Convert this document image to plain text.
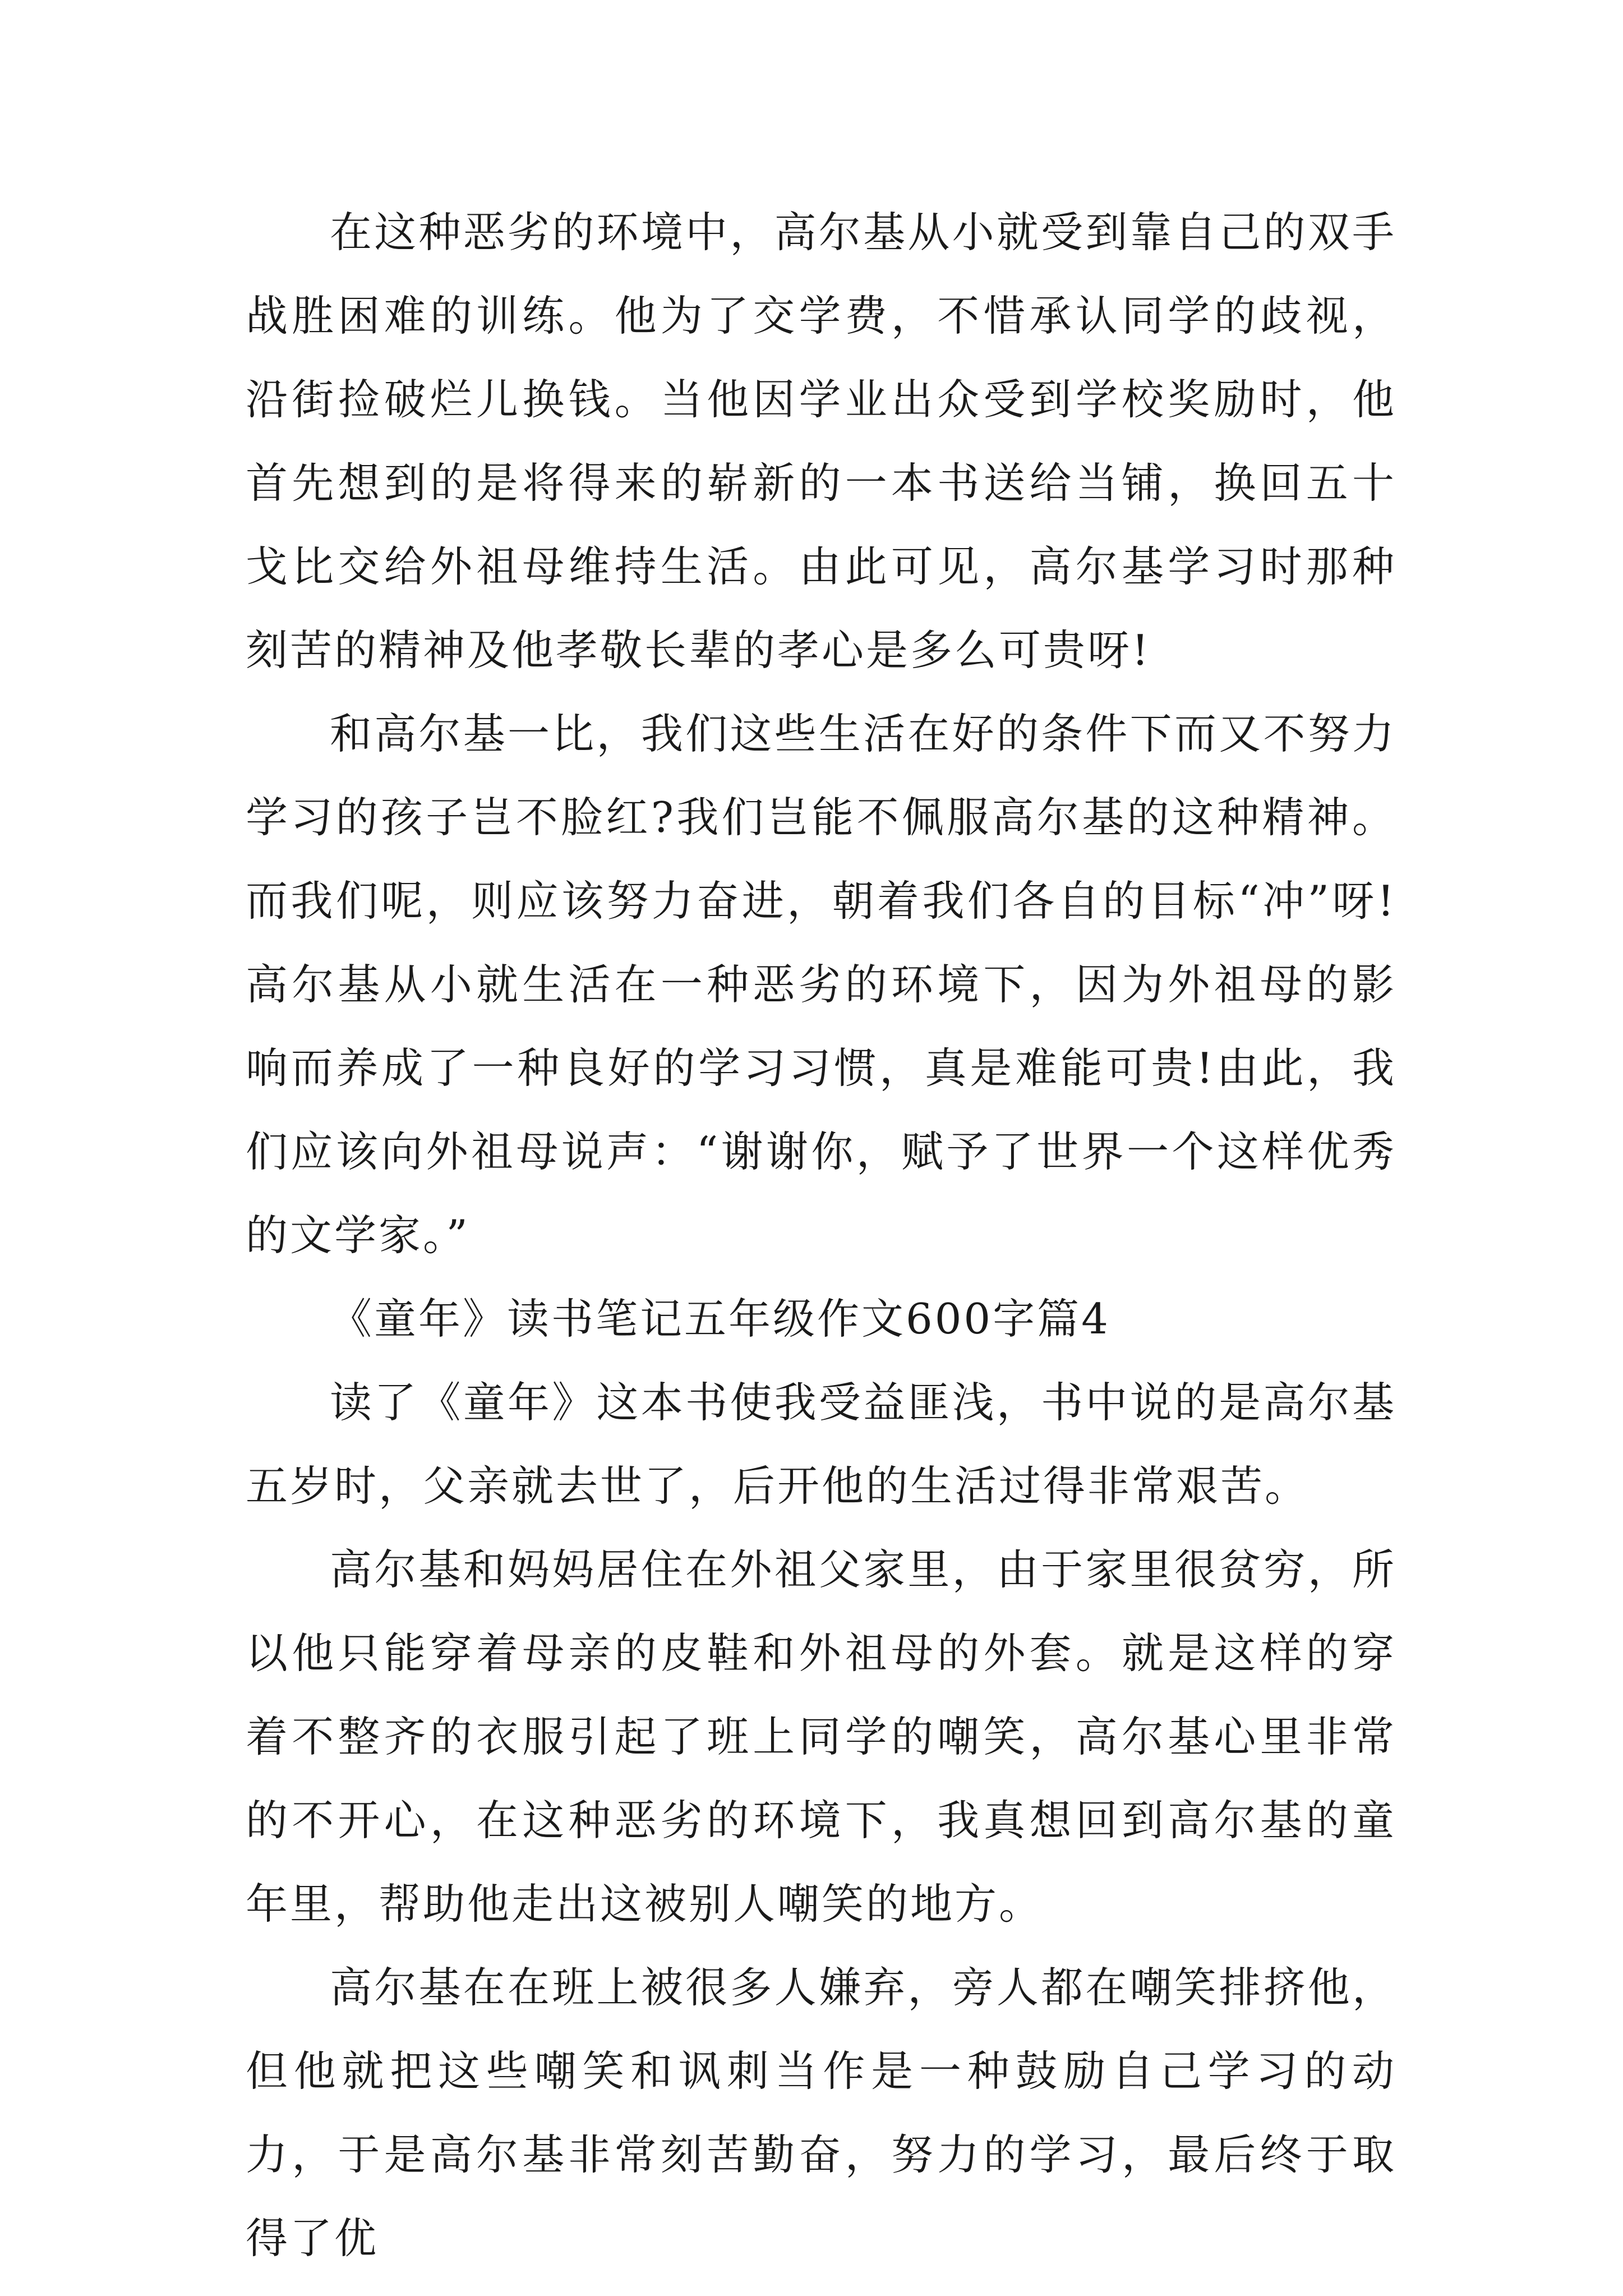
在这种恶劣的环境中，高尔基从小就受到靠自己的双手战胜困难的训练。他为了交学费，不惜承认同学的歧视，沿街捡破烂儿换钱。当他因学业出众受到学校奖励时，他首先想到的是将得来的崭新的一本书送给当铺，换回五十戈比交给外祖母维持生活。由此可见，高尔基学习时那种刻苦的精神及他孝敬长辈的孝心是多么可贵呀!

和高尔基一比，我们这些生活在好的条件下而又不努力学习的孩子岂不脸红?我们岂能不佩服高尔基的这种精神。而我们呢，则应该努力奋进，朝着我们各自的目标“冲”呀!高尔基从小就生活在一种恶劣的环境下，因为外祖母的影响而养成了一种良好的学习习惯，真是难能可贵!由此，我们应该向外祖母说声：“谢谢你，赋予了世界一个这样优秀的文学家。”

《童年》读书笔记五年级作文600字篇4

读了《童年》这本书使我受益匪浅，书中说的是高尔基五岁时，父亲就去世了，后开他的生活过得非常艰苦。

高尔基和妈妈居住在外祖父家里，由于家里很贫穷，所以他只能穿着母亲的皮鞋和外祖母的外套。就是这样的穿着不整齐的衣服引起了班上同学的嘲笑，高尔基心里非常的不开心，在这种恶劣的环境下，我真想回到高尔基的童年里，帮助他走出这被别人嘲笑的地方。

高尔基在在班上被很多人嫌弃，旁人都在嘲笑排挤他，但他就把这些嘲笑和讽刺当作是一种鼓励自己学习的动力，于是高尔基非常刻苦勤奋，努力的学习，最后终于取得了优
